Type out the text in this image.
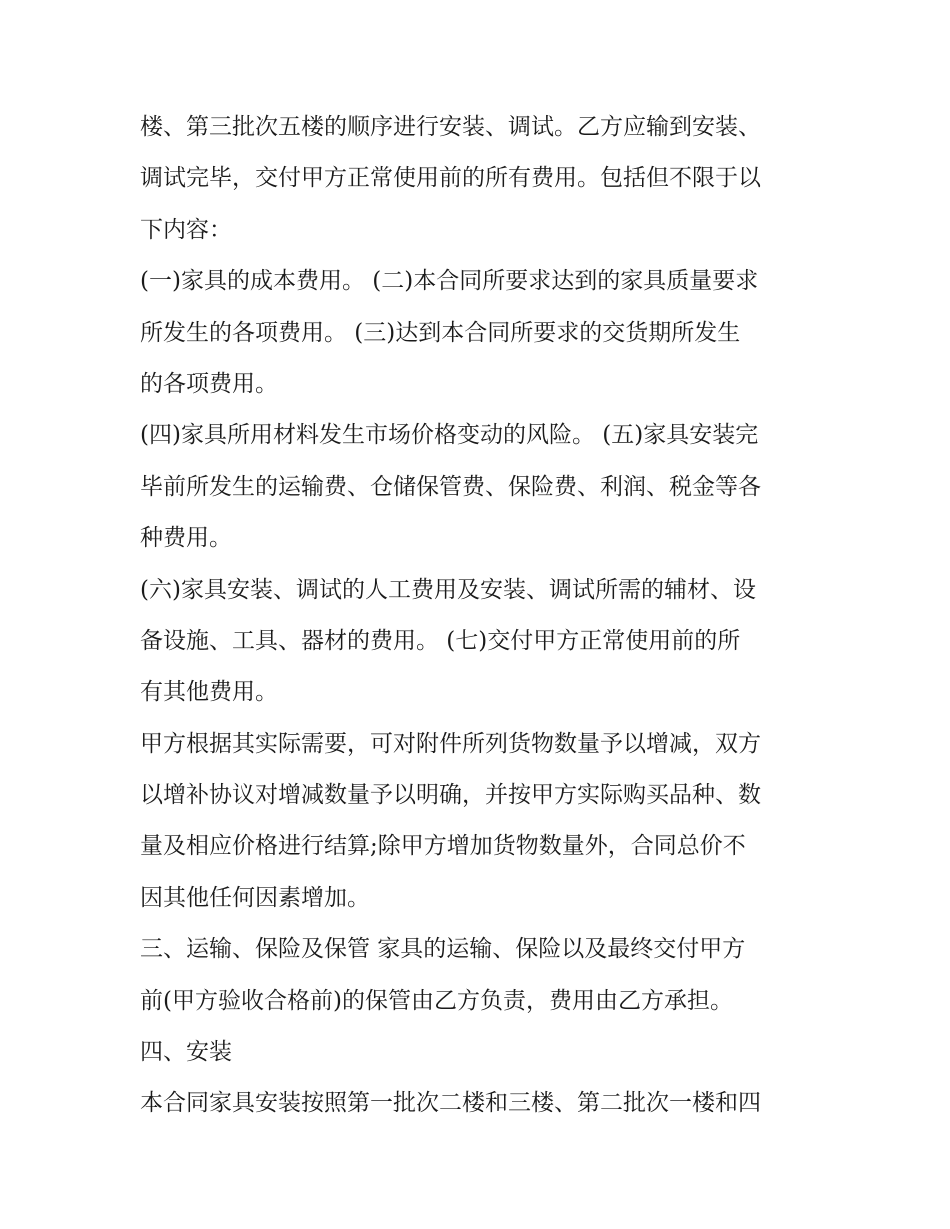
楼、第三批次五楼的顺序进行安装、调试。乙方应输到安装、
调试完毕，交付甲方正常使用前的所有费用。包括但不限于以
下内容：
(一)家具的成本费用。 (二)本合同所要求达到的家具质量要求
所发生的各项费用。 (三)达到本合同所要求的交货期所发生
的各项费用。
(四)家具所用材料发生市场价格变动的风险。 (五)家具安装完
毕前所发生的运输费、仓储保管费、保险费、利润、税金等各
种费用。
(六)家具安装、调试的人工费用及安装、调试所需的辅材、设
备设施、工具、器材的费用。 (七)交付甲方正常使用前的所
有其他费用。
甲方根据其实际需要，可对附件所列货物数量予以增减，双方
以增补协议对增减数量予以明确，并按甲方实际购买品种、数
量及相应价格进行结算;除甲方增加货物数量外，合同总价不
因其他任何因素增加。
三、运输、保险及保管 家具的运输、保险以及最终交付甲方
前(甲方验收合格前)的保管由乙方负责，费用由乙方承担。
四、安装
本合同家具安装按照第一批次二楼和三楼、第二批次一楼和四
